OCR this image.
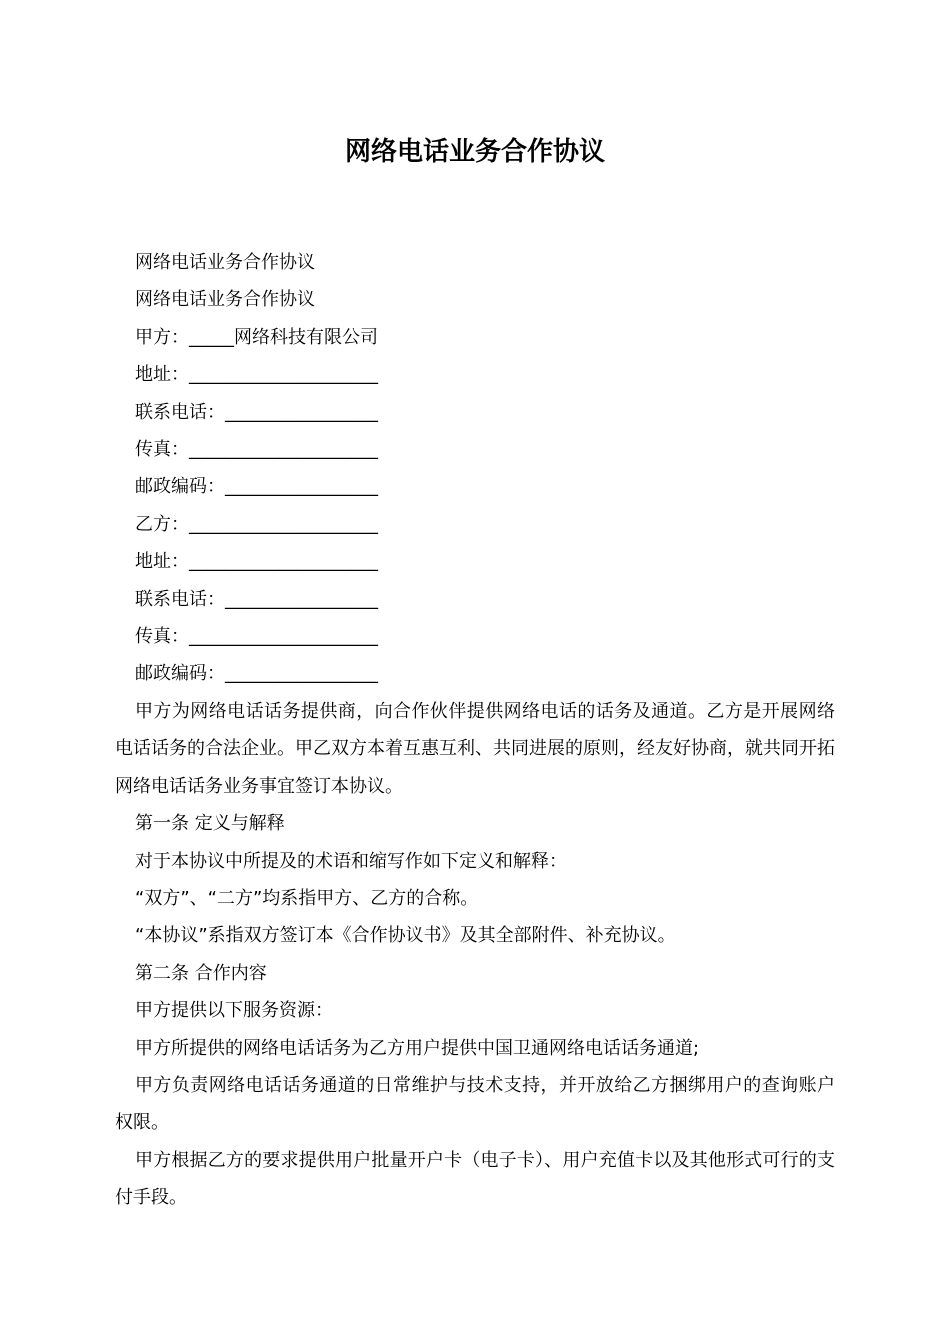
网络电话业务合作协议
网络电话业务合作协议
网络电话业务合作协议
甲方：_____网络科技有限公司
地址：_____________________
联系电话：_________________
传真：_____________________
邮政编码：_________________
乙方：_____________________
地址：_____________________
联系电话：_________________
传真：_____________________
邮政编码：_________________

甲方为网络电话话务提供商，向合作伙伴提供网络电话的话务及通道。乙方是开展网络电话话务的合法企业。甲乙双方本着互惠互利、共同进展的原则，经友好协商，就共同开拓网络电话话务业务事宜签订本协议。

第一条 定义与解释

对于本协议中所提及的术语和缩写作如下定义和解释：

“双方”、“二方”均系指甲方、乙方的合称。

“本协议”系指双方签订本《合作协议书》及其全部附件、补充协议。

第二条 合作内容

甲方提供以下服务资源：

甲方所提供的网络电话话务为乙方用户提供中国卫通网络电话话务通道;

甲方负责网络电话话务通道的日常维护与技术支持，并开放给乙方捆绑用户的查询账户权限。

甲方根据乙方的要求提供用户批量开户卡（电子卡）、用户充值卡以及其他形式可行的支付手段。
